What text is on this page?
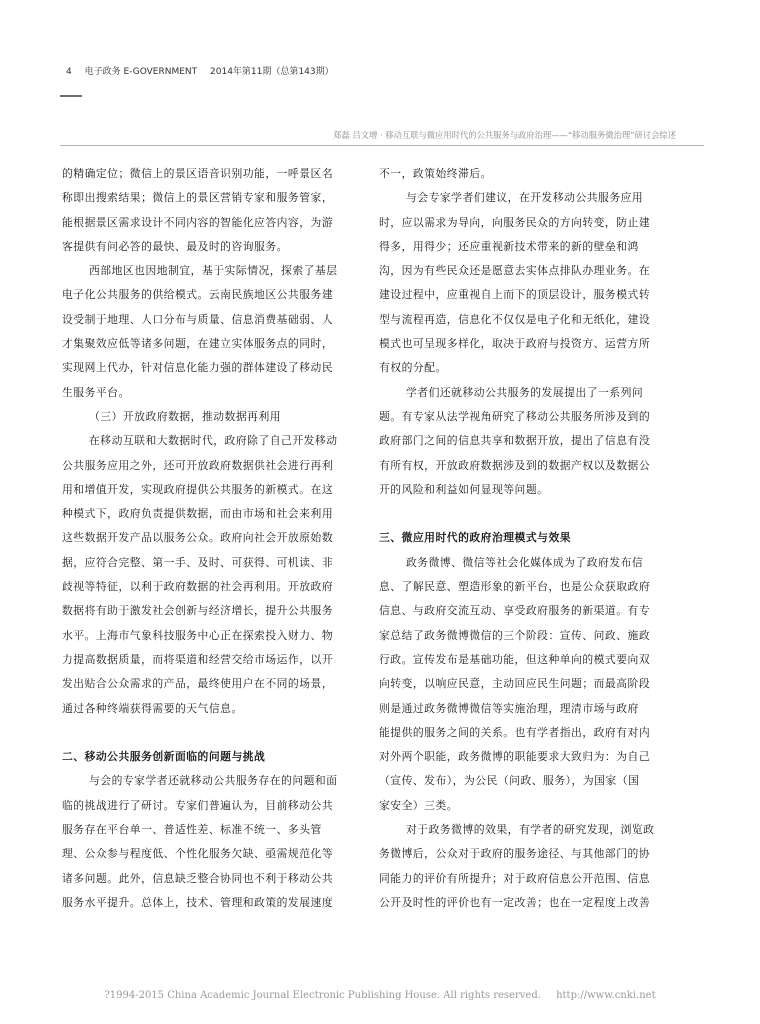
4 电子政务 E-GOVERNMENT 2014年第11期（总第143期）
郑磊 吕文增 · 移动互联与微应用时代的公共服务与政府治理——“移动服务微治理”研讨会综述
的精确定位；微信上的景区语音识别功能，一呼景区名
称即出搜索结果；微信上的景区营销专家和服务管家，
能根据景区需求设计不同内容的智能化应答内容，为游
客提供有问必答的最快、最及时的咨询服务。
西部地区也因地制宜，基于实际情况，探索了基层
电子化公共服务的供给模式。云南民族地区公共服务建
设受制于地理、人口分布与质量、信息消费基础弱、人
才集聚效应低等诸多问题，在建立实体服务点的同时，
实现网上代办，针对信息化能力强的群体建设了移动民
生服务平台。
（三）开放政府数据，推动数据再利用
在移动互联和大数据时代，政府除了自己开发移动
公共服务应用之外，还可开放政府数据供社会进行再利
用和增值开发，实现政府提供公共服务的新模式。在这
种模式下，政府负责提供数据，而由市场和社会来利用
这些数据开发产品以服务公众。政府向社会开放原始数
据，应符合完整、第一手、及时、可获得、可机读、非
歧视等特征，以利于政府数据的社会再利用。开放政府
数据将有助于激发社会创新与经济增长，提升公共服务
水平。上海市气象科技服务中心正在探索投入财力、物
力提高数据质量，而将渠道和经营交给市场运作，以开
发出贴合公众需求的产品，最终使用户在不同的场景，
通过各种终端获得需要的天气信息。
二、移动公共服务创新面临的问题与挑战
与会的专家学者还就移动公共服务存在的问题和面
临的挑战进行了研讨。专家们普遍认为，目前移动公共
服务存在平台单一、普适性差、标准不统一、多头管
理、公众参与程度低、个性化服务欠缺、亟需规范化等
诸多问题。此外，信息缺乏整合协同也不利于移动公共
服务水平提升。总体上，技术、管理和政策的发展速度
不一，政策始终滞后。
与会专家学者们建议，在开发移动公共服务应用
时，应以需求为导向，向服务民众的方向转变，防止建
得多，用得少；还应重视新技术带来的新的壁垒和鸿
沟，因为有些民众还是愿意去实体点排队办理业务。在
建设过程中，应重视自上而下的顶层设计，服务模式转
型与流程再造，信息化不仅仅是电子化和无纸化，建设
模式也可呈现多样化，取决于政府与投资方、运营方所
有权的分配。
学者们还就移动公共服务的发展提出了一系列问
题。有专家从法学视角研究了移动公共服务所涉及到的
政府部门之间的信息共享和数据开放，提出了信息有没
有所有权，开放政府数据涉及到的数据产权以及数据公
开的风险和利益如何显现等问题。
三、微应用时代的政府治理模式与效果
政务微博、微信等社会化媒体成为了政府发布信
息、了解民意、塑造形象的新平台，也是公众获取政府
信息、与政府交流互动、享受政府服务的新渠道。有专
家总结了政务微博微信的三个阶段：宣传、问政、施政
行政。宣传发布是基础功能，但这种单向的模式要向双
向转变，以响应民意，主动回应民生问题；而最高阶段
则是通过政务微博微信等实施治理，理清市场与政府
能提供的服务之间的关系。也有学者指出，政府有对内
对外两个职能，政务微博的职能要求大致归为：为自己
（宣传、发布），为公民（问政、服务），为国家（国
家安全）三类。
对于政务微博的效果，有学者的研究发现，浏览政
务微博后，公众对于政府的服务途径、与其他部门的协
同能力的评价有所提升；对于政府信息公开范围、信息
公开及时性的评价也有一定改善；也在一定程度上改善
?1994-2015 China Academic Journal Electronic Publishing House. All rights reserved. http://www.cnki.net
